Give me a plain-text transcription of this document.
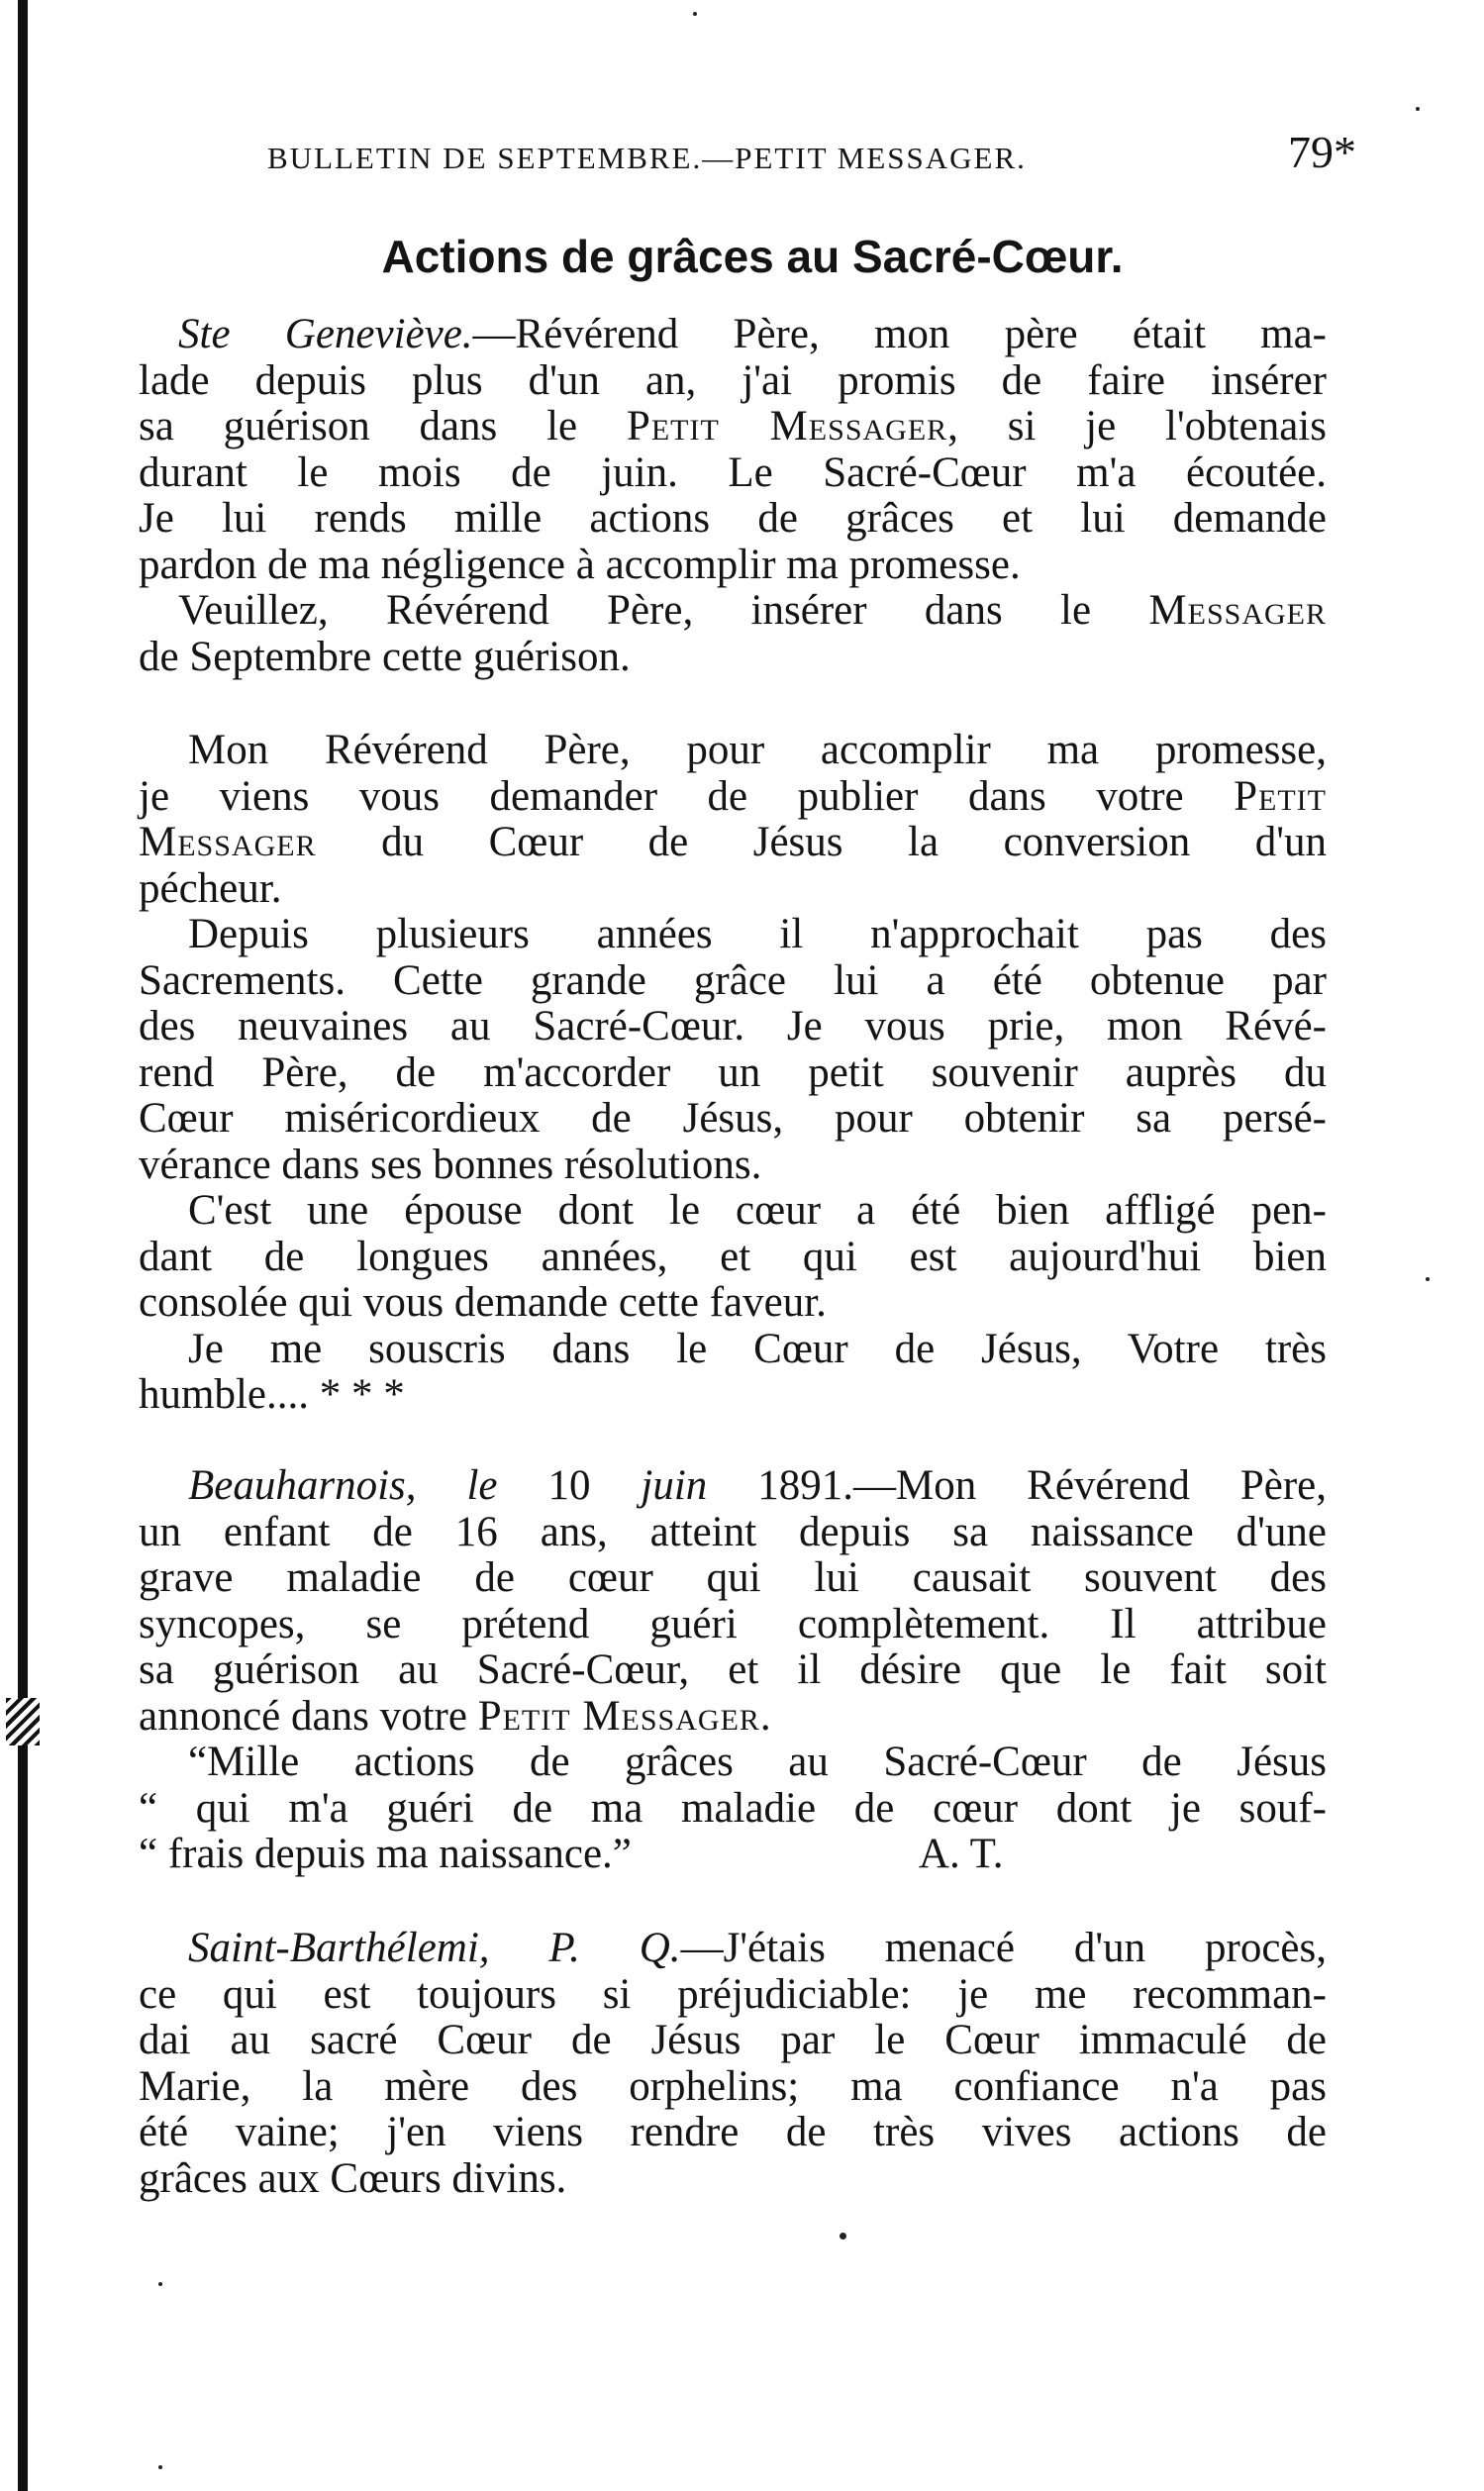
BULLETIN DE SEPTEMBRE.—PETIT MESSAGER.	79*
Actions de grâces au Sacré-Cœur.
Ste Geneviève.—Révérend Père, mon père était ma-
lade depuis plus d'un an, j'ai promis de faire insérer
sa guérison dans le Petit Messager, si je l'obtenais
durant le mois de juin. Le Sacré-Cœur m'a écoutée.
Je lui rends mille actions de grâces et lui demande
pardon de ma négligence à accomplir ma promesse.
Veuillez, Révérend Père, insérer dans le Messager
de Septembre cette guérison.
Mon Révérend Père, pour accomplir ma promesse,
je viens vous demander de publier dans votre Petit
Messager du Cœur de Jésus la conversion d'un
pécheur.
Depuis plusieurs années il n'approchait pas des
Sacrements. Cette grande grâce lui a été obtenue par
des neuvaines au Sacré-Cœur. Je vous prie, mon Révé-
rend Père, de m'accorder un petit souvenir auprès du
Cœur miséricordieux de Jésus, pour obtenir sa persé-
vérance dans ses bonnes résolutions.
C'est une épouse dont le cœur a été bien affligé pen-
dant de longues années, et qui est aujourd'hui bien
consolée qui vous demande cette faveur.
Je me souscris dans le Cœur de Jésus, Votre très
humble.... * * *
Beauharnois, le 10 juin 1891.—Mon Révérend Père,
un enfant de 16 ans, atteint depuis sa naissance d'une
grave maladie de cœur qui lui causait souvent des
syncopes, se prétend guéri complètement. Il attribue
sa guérison au Sacré-Cœur, et il désire que le fait soit
annoncé dans votre Petit Messager.
“Mille actions de grâces au Sacré-Cœur de Jésus
“ qui m'a guéri de ma maladie de cœur dont je souf-
“ frais depuis ma naissance.”	A. T.
Saint-Barthélemi, P. Q.—J'étais menacé d'un procès,
ce qui est toujours si préjudiciable: je me recomman-
dai au sacré Cœur de Jésus par le Cœur immaculé de
Marie, la mère des orphelins; ma confiance n'a pas
été vaine; j'en viens rendre de très vives actions de
grâces aux Cœurs divins.
